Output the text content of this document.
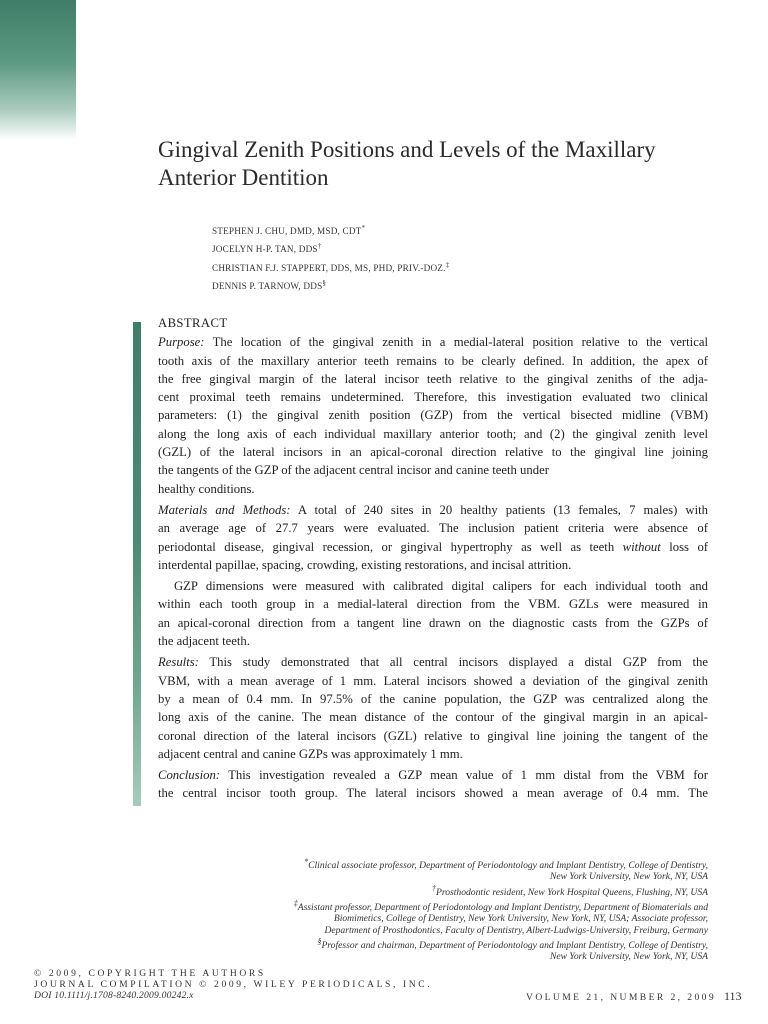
Gingival Zenith Positions and Levels of the Maxillary
Anterior Dentition
STEPHEN J. CHU, DMD, MSD, CDT*
JOCELYN H-P. TAN, DDS†
CHRISTIAN F.J. STAPPERT, DDS, MS, PHD, PRIV.-DOZ.‡
DENNIS P. TARNOW, DDS§
ABSTRACT

Purpose: The location of the gingival zenith in a medial-lateral position relative to the vertical
tooth axis of the maxillary anterior teeth remains to be clearly defined. In addition, the apex of
the free gingival margin of the lateral incisor teeth relative to the gingival zeniths of the adja-
cent proximal teeth remains undetermined. Therefore, this investigation evaluated two clinical
parameters: (1) the gingival zenith position (GZP) from the vertical bisected midline (VBM)
along the long axis of each individual maxillary anterior tooth; and (2) the gingival zenith level
(GZL) of the lateral incisors in an apical-coronal direction relative to the gingival line joining
the tangents of the GZP of the adjacent central incisor and canine teeth under
healthy conditions.

Materials and Methods: A total of 240 sites in 20 healthy patients (13 females, 7 males) with
an average age of 27.7 years were evaluated. The inclusion patient criteria were absence of
periodontal disease, gingival recession, or gingival hypertrophy as well as teeth without loss of
interdental papillae, spacing, crowding, existing restorations, and incisal attrition.

GZP dimensions were measured with calibrated digital calipers for each individual tooth and
within each tooth group in a medial-lateral direction from the VBM. GZLs were measured in
an apical-coronal direction from a tangent line drawn on the diagnostic casts from the GZPs of
the adjacent teeth.

Results: This study demonstrated that all central incisors displayed a distal GZP from the
VBM, with a mean average of 1 mm. Lateral incisors showed a deviation of the gingival zenith
by a mean of 0.4 mm. In 97.5% of the canine population, the GZP was centralized along the
long axis of the canine. The mean distance of the contour of the gingival margin in an apical-
coronal direction of the lateral incisors (GZL) relative to gingival line joining the tangent of the
adjacent central and canine GZPs was approximately 1 mm.

Conclusion: This investigation revealed a GZP mean value of 1 mm distal from the VBM for
the central incisor tooth group. The lateral incisors showed a mean average of 0.4 mm. The

*Clinical associate professor, Department of Periodontology and Implant Dentistry, College of Dentistry,
New York University, New York, NY, USA
†Prosthodontic resident, New York Hospital Queens, Flushing, NY, USA
‡Assistant professor, Department of Periodontology and Implant Dentistry, Department of Biomaterials and
Biomimetics, College of Dentistry, New York University, New York, NY, USA; Associate professor,
Department of Prosthodontics, Faculty of Dentistry, Albert-Ludwigs-University, Freiburg, Germany
§Professor and chairman, Department of Periodontology and Implant Dentistry, College of Dentistry,
New York University, New York, NY, USA
© 2009, COPYRIGHT THE AUTHORS
JOURNAL COMPILATION © 2009, WILEY PERIODICALS, INC.
DOI 10.1111/j.1708-8240.2009.00242.x	VOLUME 21, NUMBER 2, 2009 113
